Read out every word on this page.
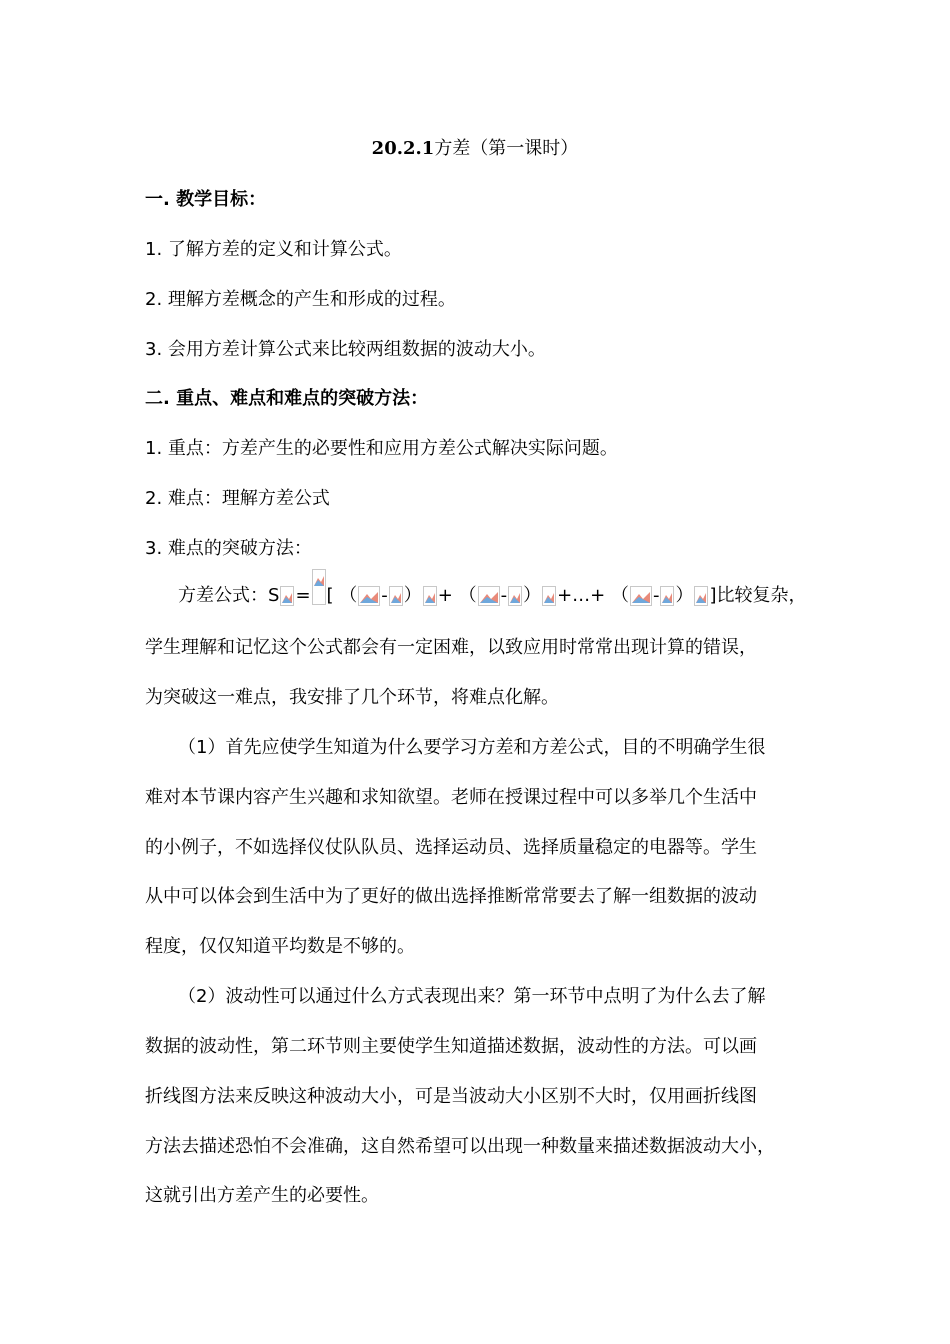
20.2.1方差（第一课时）
一. 教学目标：
1. 了解方差的定义和计算公式。
2. 理解方差概念的产生和形成的过程。
3. 会用方差计算公式来比较两组数据的波动大小。
二. 重点、难点和难点的突破方法：
1. 重点：方差产生的必要性和应用方差公式解决实际问题。
2. 难点：理解方差公式
3. 难点的突破方法：
方差公式：S = [ （ - ） + （ - ） +…+ （ - ） ]比较复杂，
学生理解和记忆这个公式都会有一定困难，以致应用时常常出现计算的错误，
为突破这一难点，我安排了几个环节，将难点化解。
（1）首先应使学生知道为什么要学习方差和方差公式，目的不明确学生很
难对本节课内容产生兴趣和求知欲望。老师在授课过程中可以多举几个生活中
的小例子，不如选择仪仗队队员、选择运动员、选择质量稳定的电器等。学生
从中可以体会到生活中为了更好的做出选择推断常常要去了解一组数据的波动
程度，仅仅知道平均数是不够的。
（2）波动性可以通过什么方式表现出来？第一环节中点明了为什么去了解
数据的波动性，第二环节则主要使学生知道描述数据，波动性的方法。可以画
折线图方法来反映这种波动大小，可是当波动大小区别不大时，仅用画折线图
方法去描述恐怕不会准确，这自然希望可以出现一种数量来描述数据波动大小，
这就引出方差产生的必要性。
